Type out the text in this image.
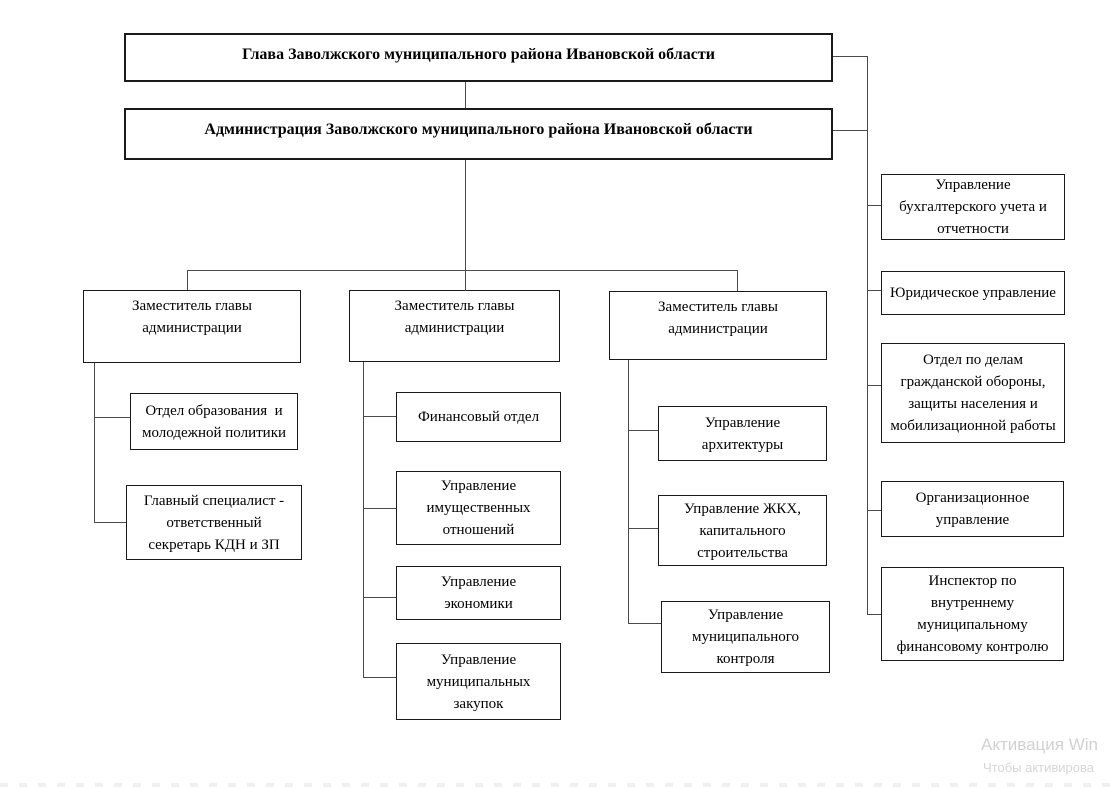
Глава Заволжского муниципального района Ивановской области
Администрация Заволжского муниципального района Ивановской области
Заместитель главы
администрации
Заместитель главы
администрации
Заместитель главы
администрации
Отдел образования  и
молодежной политики
Главный специалист -
ответственный
секретарь КДН и ЗП
Финансовый отдел
Управление
имущественных
отношений
Управление
экономики
Управление
муниципальных
закупок
Управление
архитектуры
Управление ЖКХ,
капитального
строительства
Управление
муниципального
контроля
Управление
бухгалтерского учета и
отчетности
Юридическое управление
Отдел по делам
гражданской обороны,
защиты населения и
мобилизационной работы
Организационное
управление
Инспектор по
внутреннему
муниципальному
финансовому контролю
Активация Win
Чтобы активирова
